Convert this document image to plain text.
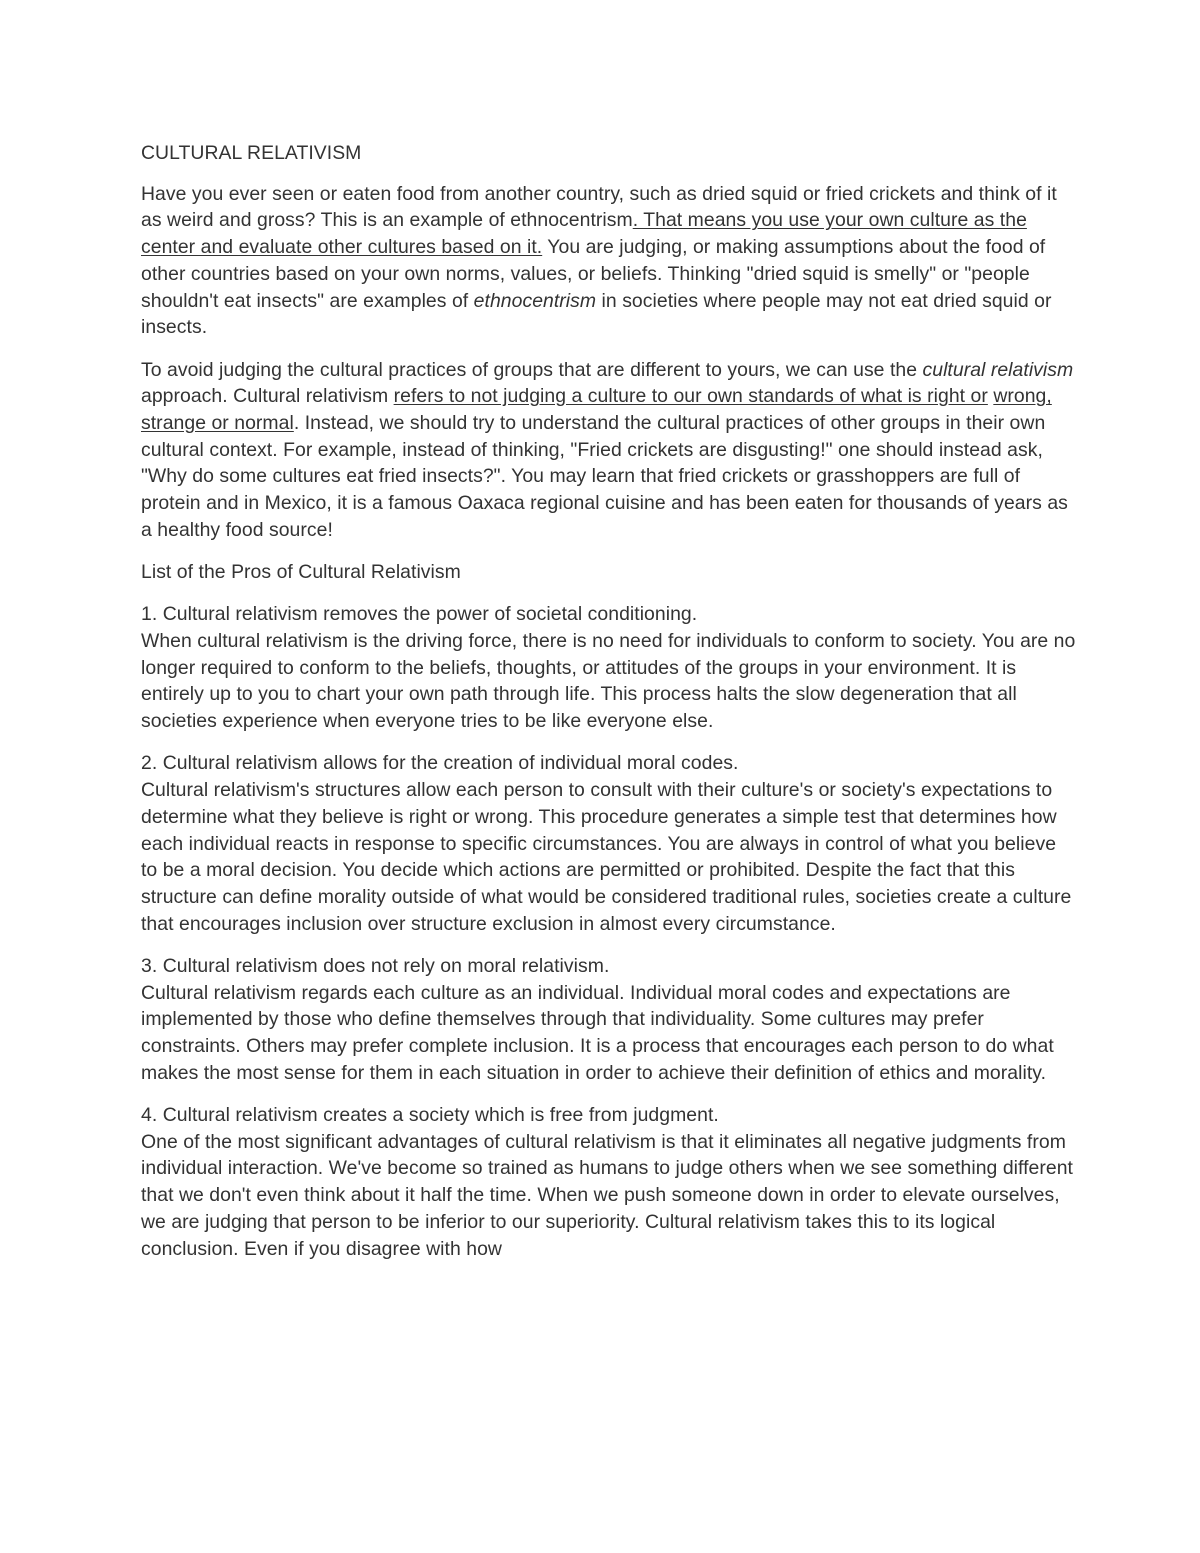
CULTURAL RELATIVISM

Have you ever seen or eaten food from another country, such as dried squid or fried crickets and think of it as weird and gross? This is an example of ethnocentrism. That means you use your own culture as the center and evaluate other cultures based on it. You are judging, or making assumptions about the food of other countries based on your own norms, values, or beliefs. Thinking "dried squid is smelly" or "people shouldn't eat insects" are examples of ethnocentrism in societies where people may not eat dried squid or insects.

To avoid judging the cultural practices of groups that are different to yours, we can use the cultural relativism approach. Cultural relativism refers to not judging a culture to our own standards of what is right or wrong, strange or normal. Instead, we should try to understand the cultural practices of other groups in their own cultural context. For example, instead of thinking, "Fried crickets are disgusting!" one should instead ask, "Why do some cultures eat fried insects?". You may learn that fried crickets or grasshoppers are full of protein and in Mexico, it is a famous Oaxaca regional cuisine and has been eaten for thousands of years as a healthy food source!

List of the Pros of Cultural Relativism

1. Cultural relativism removes the power of societal conditioning.
When cultural relativism is the driving force, there is no need for individuals to conform to society. You are no longer required to conform to the beliefs, thoughts, or attitudes of the groups in your environment. It is entirely up to you to chart your own path through life. This process halts the slow degeneration that all societies experience when everyone tries to be like everyone else.

2. Cultural relativism allows for the creation of individual moral codes.
Cultural relativism's structures allow each person to consult with their culture's or society's expectations to determine what they believe is right or wrong. This procedure generates a simple test that determines how each individual reacts in response to specific circumstances. You are always in control of what you believe to be a moral decision. You decide which actions are permitted or prohibited. Despite the fact that this structure can define morality outside of what would be considered traditional rules, societies create a culture that encourages inclusion over structure exclusion in almost every circumstance.

3. Cultural relativism does not rely on moral relativism.
Cultural relativism regards each culture as an individual. Individual moral codes and expectations are implemented by those who define themselves through that individuality. Some cultures may prefer constraints. Others may prefer complete inclusion. It is a process that encourages each person to do what makes the most sense for them in each situation in order to achieve their definition of ethics and morality.

4. Cultural relativism creates a society which is free from judgment.
One of the most significant advantages of cultural relativism is that it eliminates all negative judgments from individual interaction. We've become so trained as humans to judge others when we see something different that we don't even think about it half the time. When we push someone down in order to elevate ourselves, we are judging that person to be inferior to our superiority. Cultural relativism takes this to its logical conclusion. Even if you disagree with how
